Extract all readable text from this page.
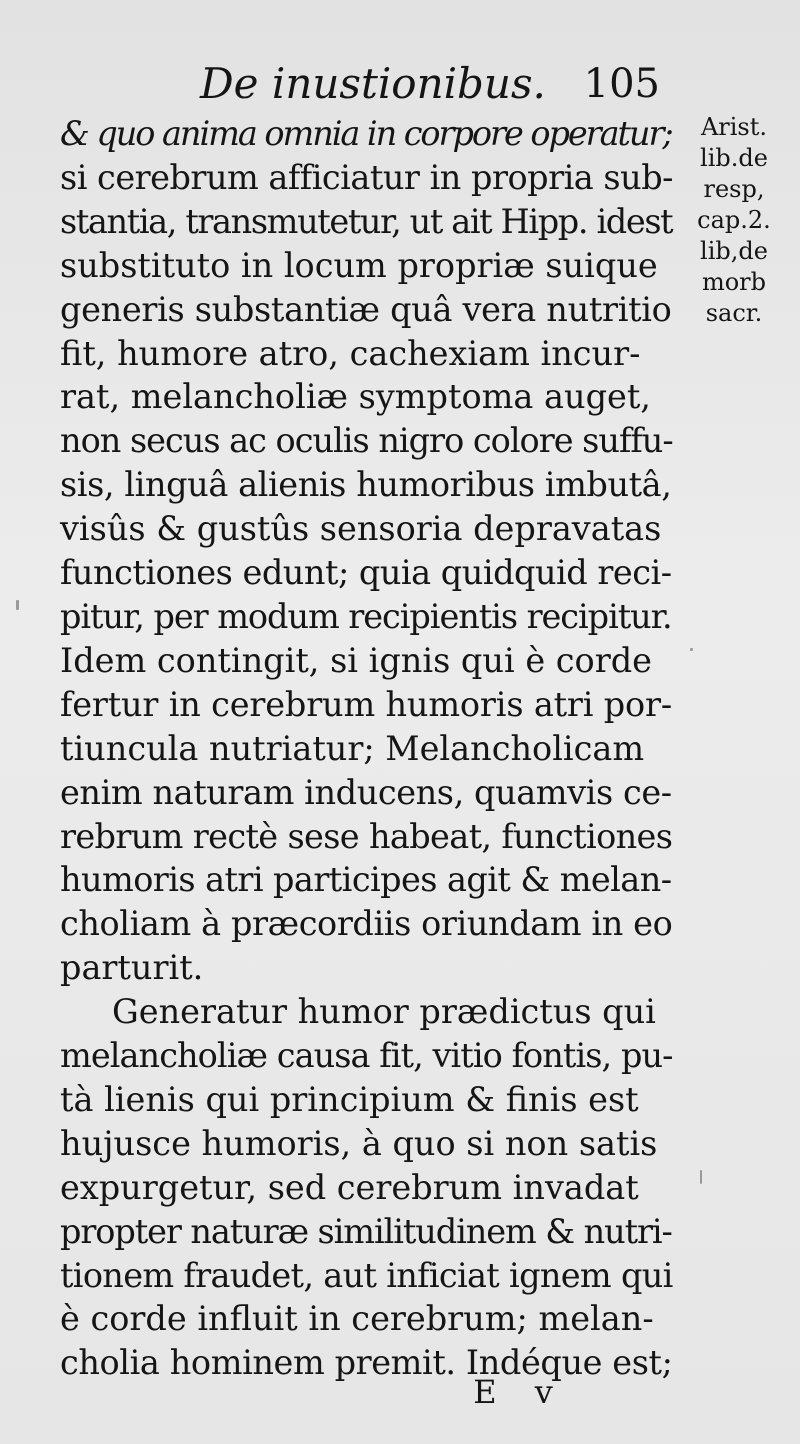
De inustionibus. 105
& quo anima omnia in corpore operatur;
si cerebrum afficiatur in propria sub-
stantia, transmutetur, ut ait Hipp. idest
substituto in locum propriæ suique
generis substantiæ quâ vera nutritio
fit, humore atro, cachexiam incur-
rat, melancholiæ symptoma auget,
non secus ac oculis nigro colore suffu-
sis, linguâ alienis humoribus imbutâ,
visûs & gustûs sensoria depravatas
functiones edunt; quia quidquid reci-
pitur, per modum recipientis recipitur.
Idem contingit, si ignis qui è corde
fertur in cerebrum humoris atri por-
tiuncula nutriatur; Melancholicam
enim naturam inducens, quamvis ce-
rebrum rectè sese habeat, functiones
humoris atri participes agit & melan-
choliam à præcordiis oriundam in eo
parturit.
Generatur humor prædictus qui
melancholiæ causa fit, vitio fontis, pu-
tà lienis qui principium & finis est
hujusce humoris, à quo si non satis
expurgetur, sed cerebrum invadat
propter naturæ similitudinem & nutri-
tionem fraudet, aut inficiat ignem qui
è corde influit in cerebrum; melan-
cholia hominem premit. Indéque est;
Arist.
lib.de
resp,
cap.2.
lib,de
morb
sacr.
E v
